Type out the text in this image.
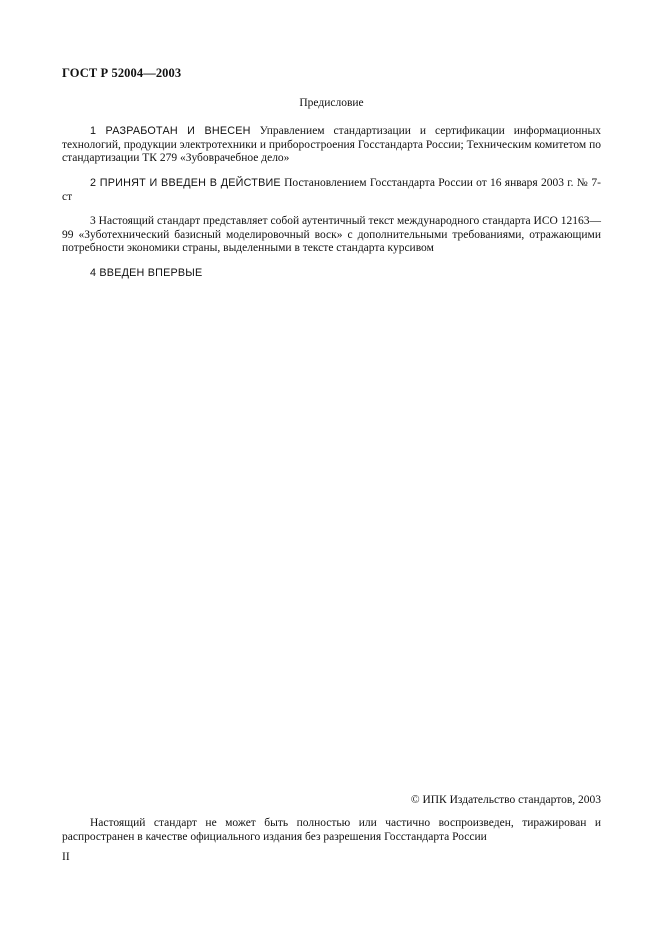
ГОСТ Р 52004—2003
Предисловие

1 РАЗРАБОТАН И ВНЕСЕН Управлением стандартизации и сертификации информационных технологий, продукции электротехники и приборостроения Госстандарта России; Техническим комитетом по стандартизации ТК 279 «Зубоврачебное дело»

2 ПРИНЯТ И ВВЕДЕН В ДЕЙСТВИЕ Постановлением Госстандарта России от 16 января 2003 г. № 7-ст

3 Настоящий стандарт представляет собой аутентичный текст международного стандарта ИСО 12163—99 «Зуботехнический базисный моделировочный воск» с дополнительными требованиями, отражающими потребности экономики страны, выделенными в тексте стандарта курсивом

4 ВВЕДЕН ВПЕРВЫЕ

© ИПК Издательство стандартов, 2003

Настоящий стандарт не может быть полностью или частично воспроизведен, тиражирован и распространен в качестве официального издания без разрешения Госстандарта России

II
